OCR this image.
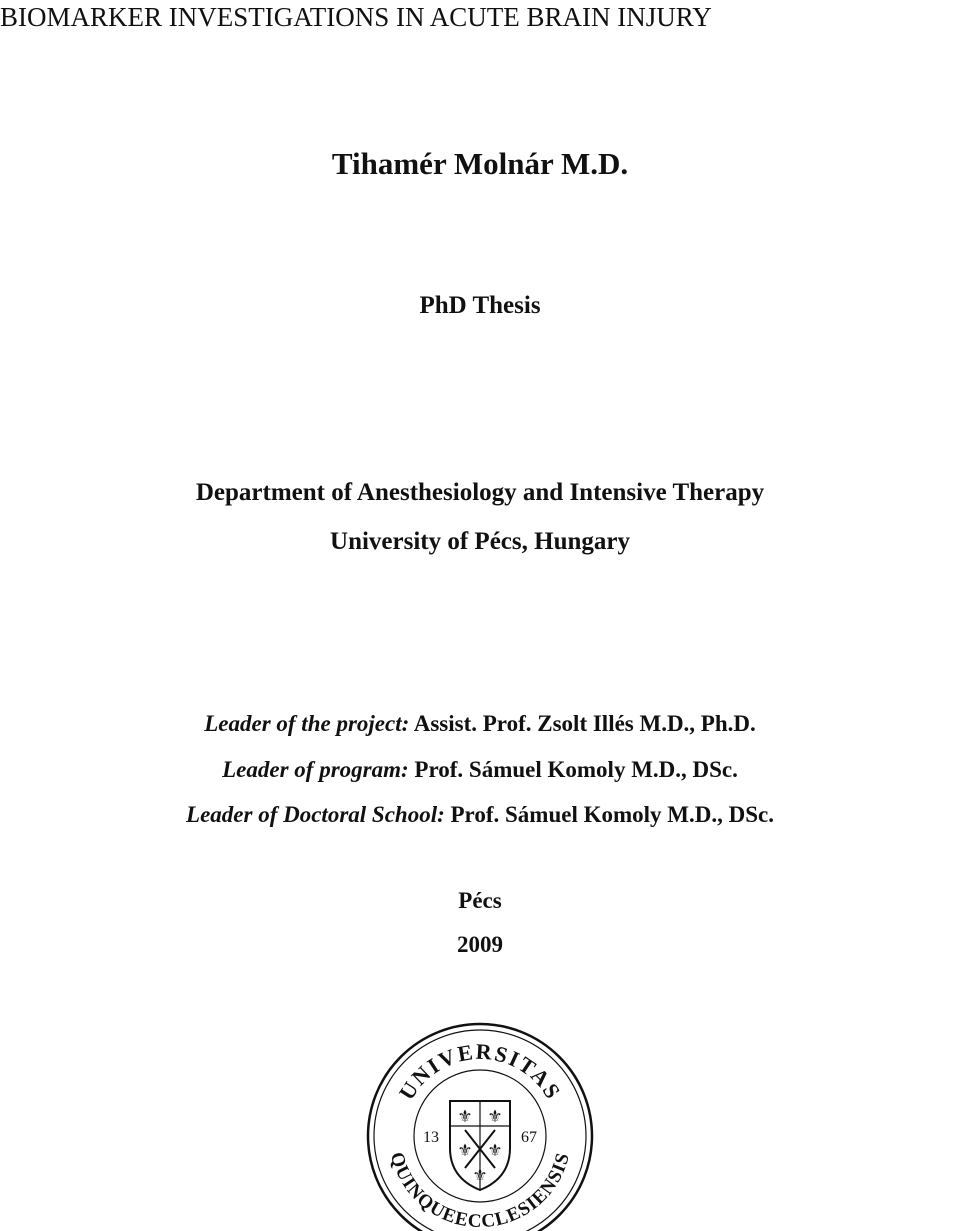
BIOMARKER INVESTIGATIONS IN ACUTE BRAIN INJURY
Tihamér Molnár M.D.
PhD Thesis
Department of Anesthesiology and Intensive Therapy
University of Pécs, Hungary
Leader of the project: Assist. Prof. Zsolt Illés M.D., Ph.D.
Leader of program: Prof. Sámuel Komoly M.D., DSc.
Leader of Doctoral School: Prof. Sámuel Komoly M.D., DSc.
Pécs
2009
UNIVERSITAS
QUINQUEECCLESIENSIS
⚜ ⚜
⚜ ⚜
⚜
13	67
